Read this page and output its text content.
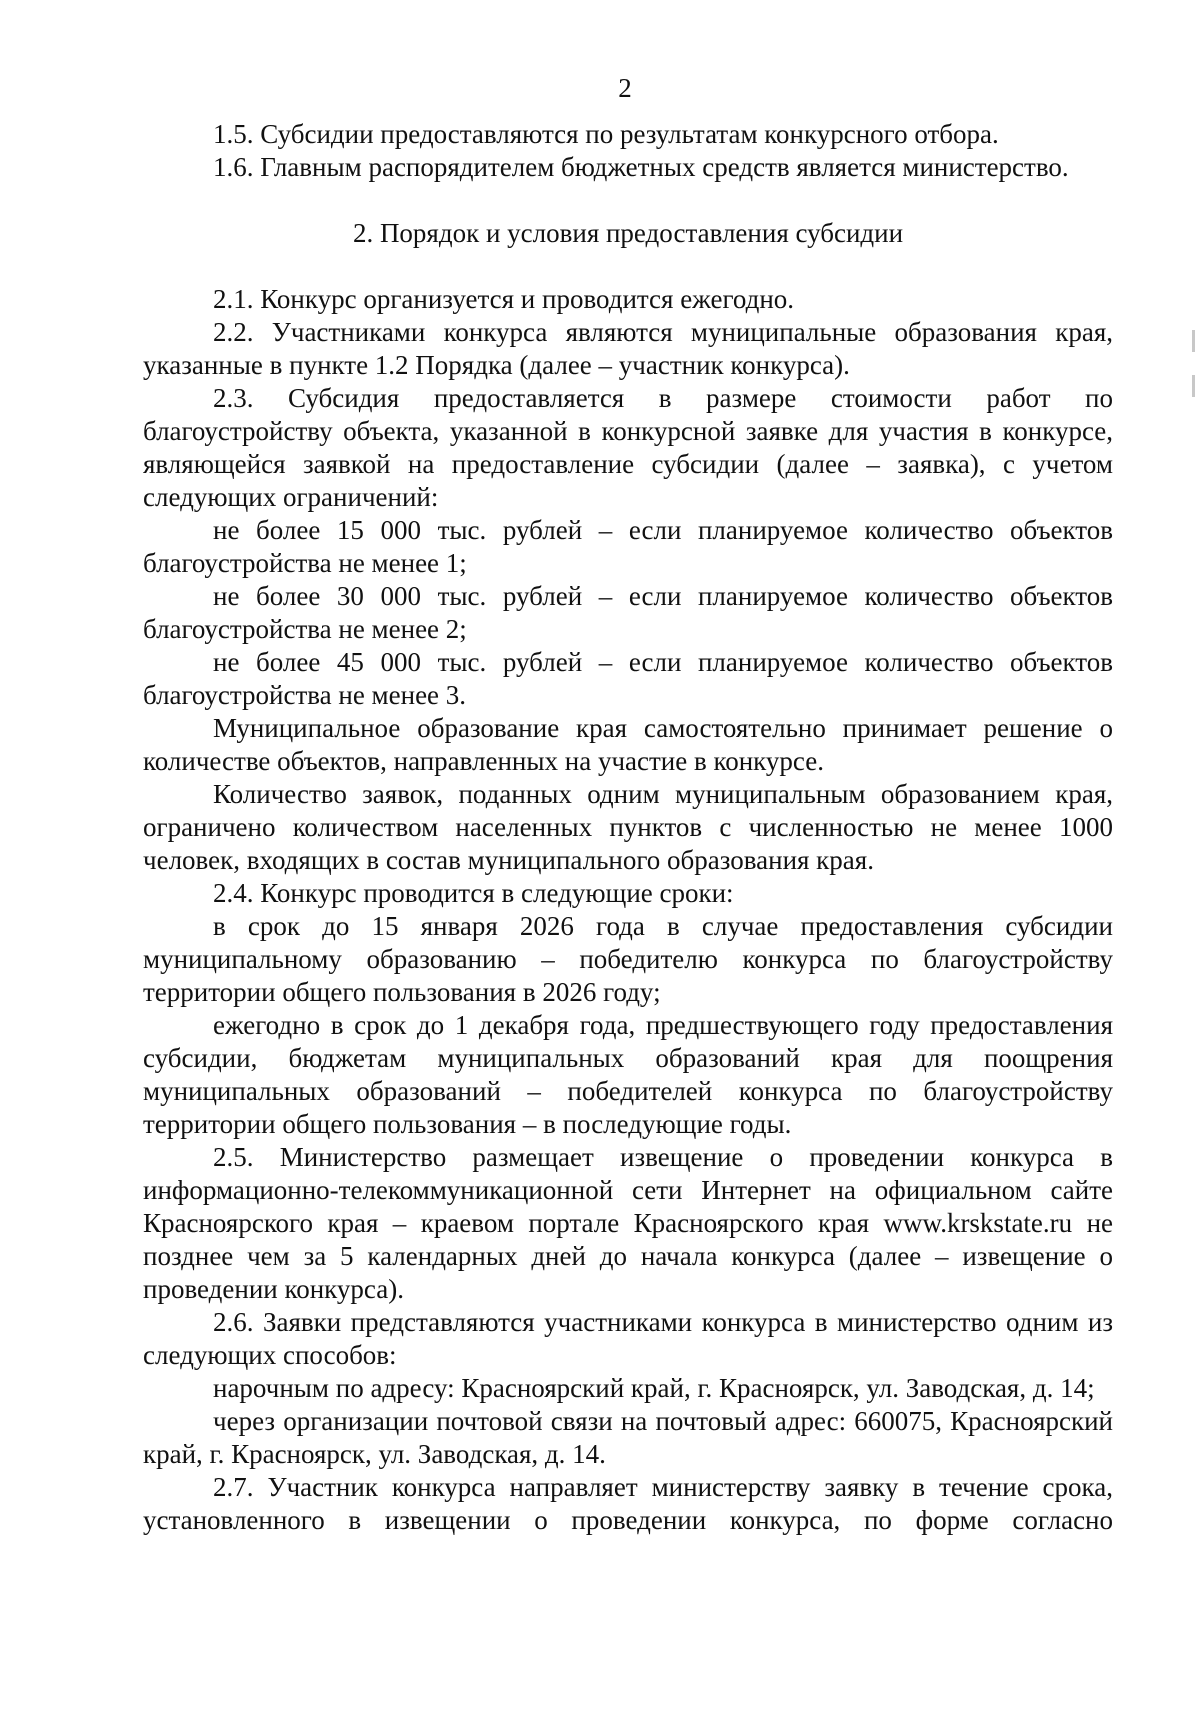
2

1.5. Субсидии предоставляются по результатам конкурсного отбора.

1.6. Главным распорядителем бюджетных средств является министерство.

2. Порядок и условия предоставления субсидии

2.1. Конкурс организуется и проводится ежегодно.

2.2. Участниками конкурса являются муниципальные образования края, указанные в пункте 1.2 Порядка (далее – участник конкурса).

2.3. Субсидия предоставляется в размере стоимости работ по благоустройству объекта, указанной в конкурсной заявке для участия в конкурсе, являющейся заявкой на предоставление субсидии (далее – заявка), с учетом следующих ограничений:

не более 15 000 тыс. рублей – если планируемое количество объектов благоустройства не менее 1;

не более 30 000 тыс. рублей – если планируемое количество объектов благоустройства не менее 2;

не более 45 000 тыс. рублей – если планируемое количество объектов благоустройства не менее 3.

Муниципальное образование края самостоятельно принимает решение о количестве объектов, направленных на участие в конкурсе.

Количество заявок, поданных одним муниципальным образованием края, ограничено количеством населенных пунктов с численностью не менее 1000 человек, входящих в состав муниципального образования края.

2.4. Конкурс проводится в следующие сроки:

в срок до 15 января 2026 года в случае предоставления субсидии муниципальному образованию – победителю конкурса по благоустройству территории общего пользования в 2026 году;

ежегодно в срок до 1 декабря года, предшествующего году предоставления субсидии, бюджетам муниципальных образований края для поощрения муниципальных образований – победителей конкурса по благоустройству территории общего пользования – в последующие годы.

2.5. Министерство размещает извещение о проведении конкурса в информационно-телекоммуникационной сети Интернет на официальном сайте Красноярского края – краевом портале Красноярского края www.krskstate.ru не позднее чем за 5 календарных дней до начала конкурса (далее – извещение о проведении конкурса).

2.6. Заявки представляются участниками конкурса в министерство одним из следующих способов:

нарочным по адресу: Красноярский край, г. Красноярск, ул. Заводская, д. 14;

через организации почтовой связи на почтовый адрес: 660075, Красноярский край, г. Красноярск, ул. Заводская, д. 14.

2.7. Участник конкурса направляет министерству заявку в течение срока, установленного в извещении о проведении конкурса, по форме согласно
